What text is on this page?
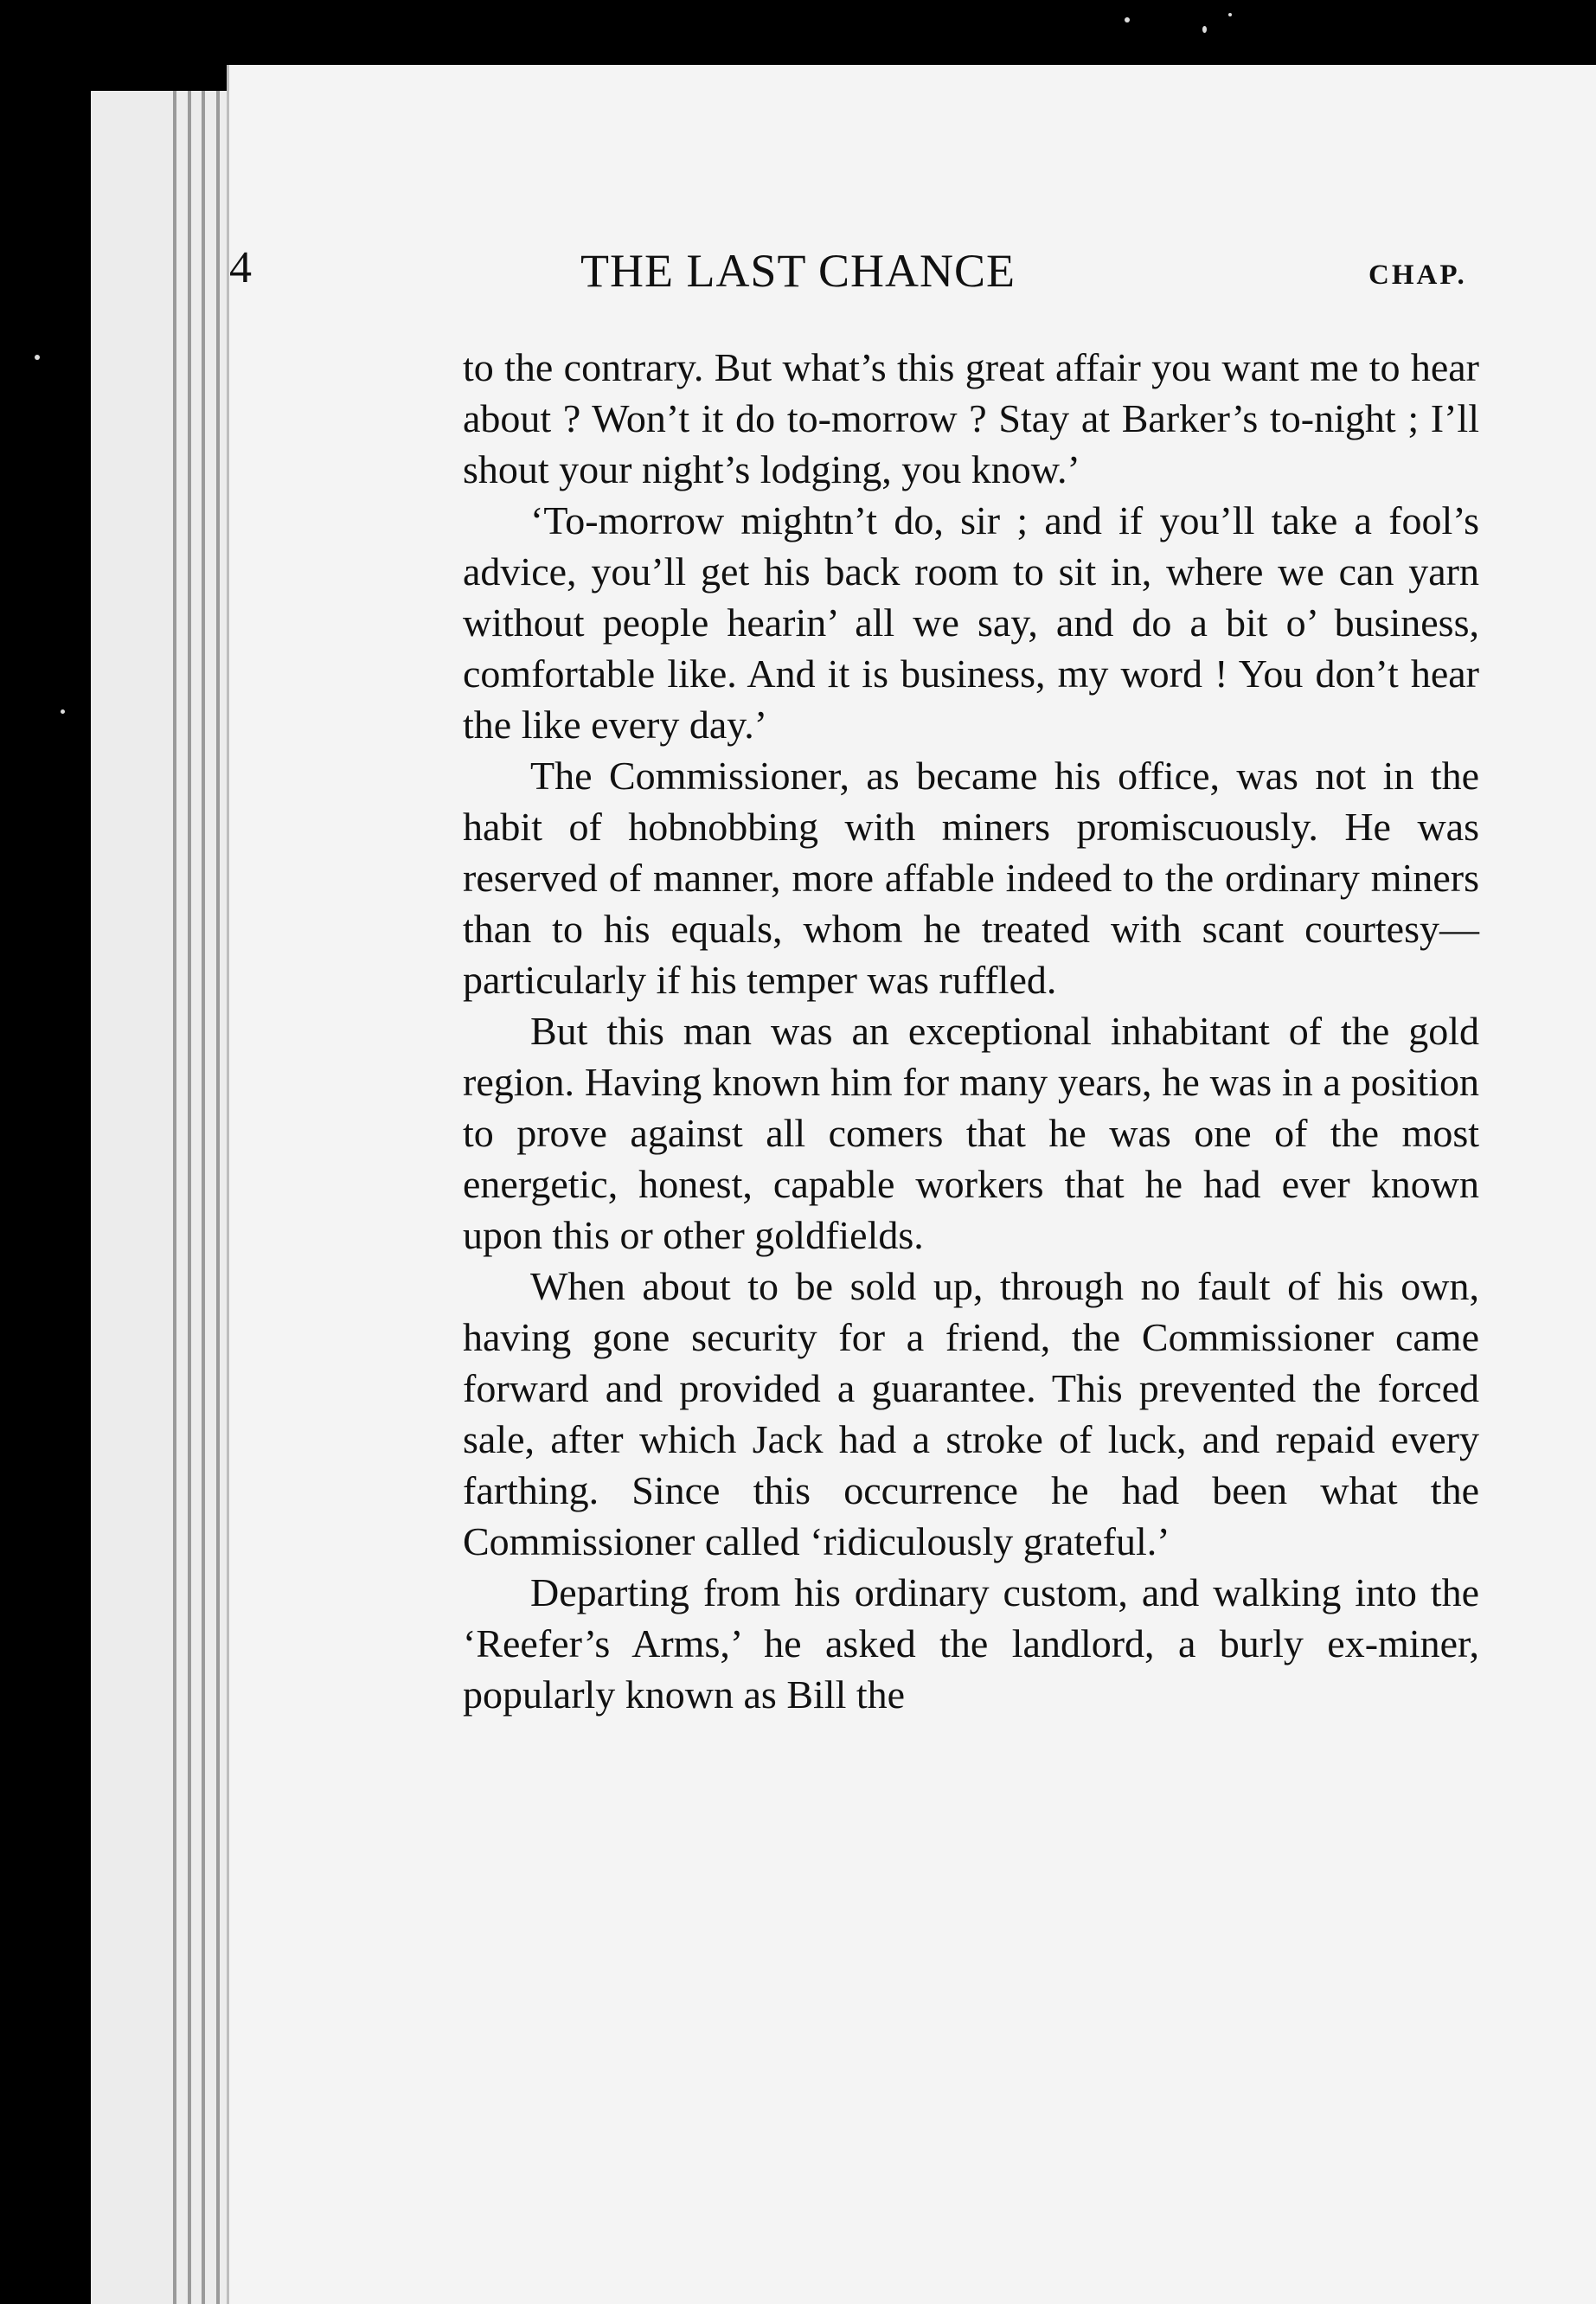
4	THE LAST CHANCE	CHAP.

to the contrary. But what’s this great affair you want me to hear about ? Won’t it do to-morrow ? Stay at Barker’s to-night ; I’ll shout your night’s lodging, you know.’

‘To-morrow mightn’t do, sir ; and if you’ll take a fool’s advice, you’ll get his back room to sit in, where we can yarn without people hearin’ all we say, and do a bit o’ business, comfortable like. And it is business, my word ! You don’t hear the like every day.’

The Commissioner, as became his office, was not in the habit of hobnobbing with miners promiscuously. He was reserved of manner, more affable indeed to the ordinary miners than to his equals, whom he treated with scant courtesy—particularly if his temper was ruffled.

But this man was an exceptional inhabitant of the gold region. Having known him for many years, he was in a position to prove against all comers that he was one of the most energetic, honest, capable workers that he had ever known upon this or other goldfields.

When about to be sold up, through no fault of his own, having gone security for a friend, the Commissioner came forward and provided a guarantee. This prevented the forced sale, after which Jack had a stroke of luck, and repaid every farthing. Since this occurrence he had been what the Commissioner called ‘ridiculously grateful.’

Departing from his ordinary custom, and walking into the ‘Reefer’s Arms,’ he asked the landlord, a burly ex-miner, popularly known as Bill the
